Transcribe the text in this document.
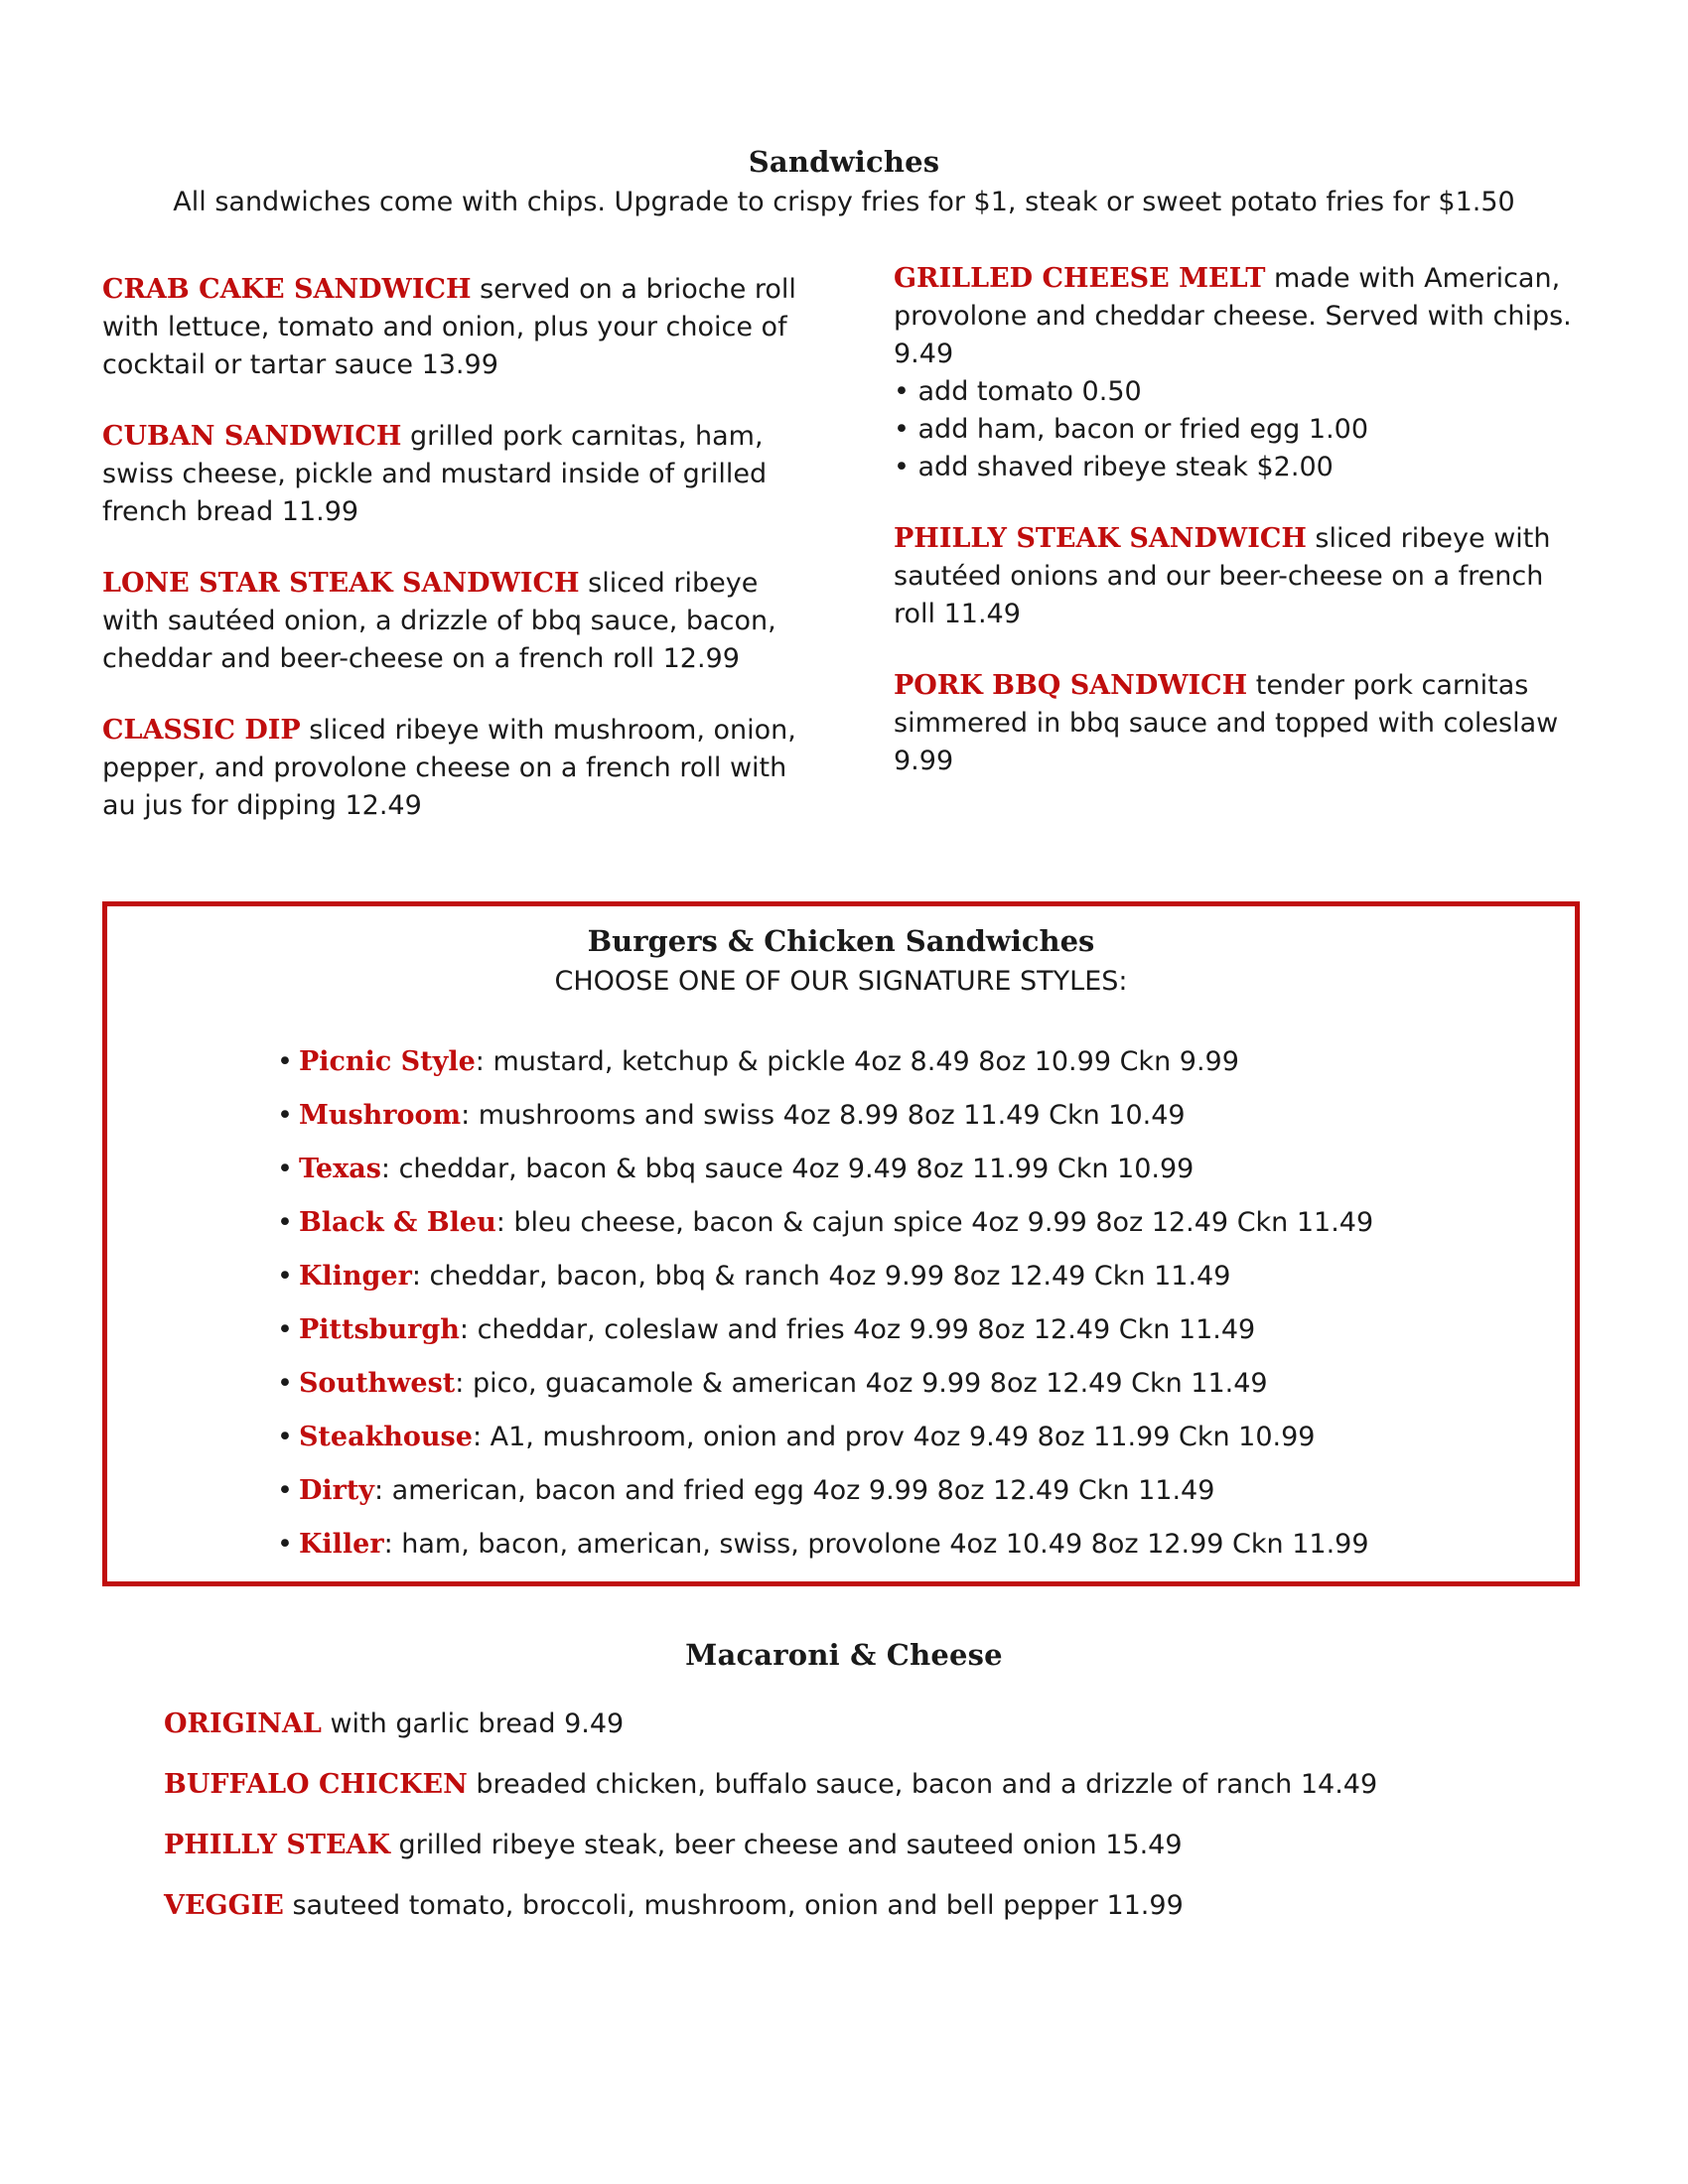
Sandwiches
All sandwiches come with chips. Upgrade to crispy fries for $1, steak or sweet potato fries for $1.50
CRAB CAKE SANDWICH served on a brioche roll with lettuce, tomato and onion, plus your choice of cocktail or tartar sauce 13.99
CUBAN SANDWICH grilled pork carnitas, ham, swiss cheese, pickle and mustard inside of grilled french bread 11.99
LONE STAR STEAK SANDWICH sliced ribeye with sautéed onion, a drizzle of bbq sauce, bacon, cheddar and beer-cheese on a french roll 12.99
CLASSIC DIP sliced ribeye with mushroom, onion, pepper, and provolone cheese on a french roll with au jus for dipping 12.49
GRILLED CHEESE MELT made with American, provolone and cheddar cheese. Served with chips. 9.49
• add tomato 0.50
• add ham, bacon or fried egg 1.00
• add shaved ribeye steak $2.00
PHILLY STEAK SANDWICH sliced ribeye with sautéed onions and our beer-cheese on a french roll 11.49
PORK BBQ SANDWICH tender pork carnitas simmered in bbq sauce and topped with coleslaw 9.99
Burgers & Chicken Sandwiches
CHOOSE ONE OF OUR SIGNATURE STYLES:
• Picnic Style: mustard, ketchup & pickle 4oz 8.49 8oz 10.99 Ckn 9.99
• Mushroom: mushrooms and swiss 4oz 8.99 8oz 11.49 Ckn 10.49
• Texas: cheddar, bacon & bbq sauce 4oz 9.49 8oz 11.99 Ckn 10.99
• Black & Bleu: bleu cheese, bacon & cajun spice 4oz 9.99 8oz 12.49 Ckn 11.49
• Klinger: cheddar, bacon, bbq & ranch 4oz 9.99 8oz 12.49 Ckn 11.49
• Pittsburgh: cheddar, coleslaw and fries 4oz 9.99 8oz 12.49 Ckn 11.49
• Southwest: pico, guacamole & american 4oz 9.99 8oz 12.49 Ckn 11.49
• Steakhouse: A1, mushroom, onion and prov 4oz 9.49 8oz 11.99 Ckn 10.99
• Dirty: american, bacon and fried egg 4oz 9.99 8oz 12.49 Ckn 11.49
• Killer: ham, bacon, american, swiss, provolone 4oz 10.49 8oz 12.99 Ckn 11.99
Macaroni & Cheese
ORIGINAL with garlic bread 9.49
BUFFALO CHICKEN breaded chicken, buffalo sauce, bacon and a drizzle of ranch 14.49
PHILLY STEAK grilled ribeye steak, beer cheese and sauteed onion 15.49
VEGGIE sauteed tomato, broccoli, mushroom, onion and bell pepper 11.99
